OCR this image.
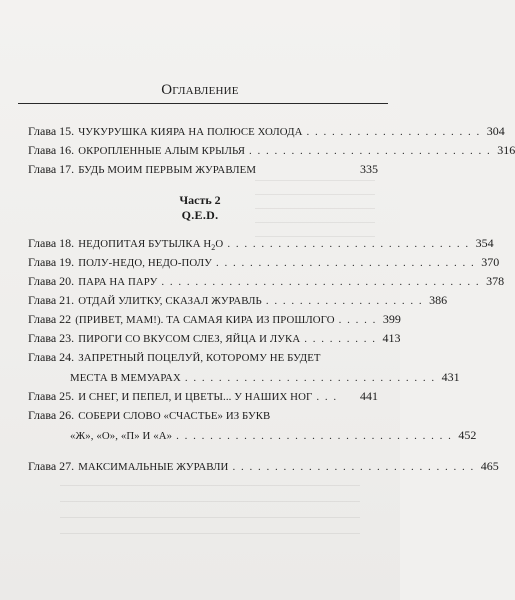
Оглавление
Глава 15. ЧУКУРУШКА КИЯРА НА ПОЛЮСЕ ХОЛОДА . . . . . . . . . . . . . . . . . . . . . 304
Глава 16. ОКРОПЛЕННЫЕ АЛЫМ КРЫЛЬЯ . . . . . . . . . . . . . . . . . . . . . . . . . . . . . 316
Глава 17. БУДЬ МОИМ ПЕРВЫМ ЖУРАВЛЕМ	335
Часть 2
Q.E.D.
Глава 18. НЕДОПИТАЯ БУТЫЛКА $H_2O$ . . . . . . . . . . . . . . . . . . . . . . . . . . . . . 354
Глава 19. ПОЛУ-НЕДО, НЕДО-ПОЛУ . . . . . . . . . . . . . . . . . . . . . . . . . . . . . . . 370
Глава 20. ПАРА НА ПАРУ . . . . . . . . . . . . . . . . . . . . . . . . . . . . . . . . . . . . . . 378
Глава 21. ОТДАЙ УЛИТКУ, СКАЗАЛ ЖУРАВЛЬ . . . . . . . . . . . . . . . . . . . 386
Глава 22 (ПРИВЕТ, МАМ!). ТА САМАЯ КИРА ИЗ ПРОШЛОГО . . . . . 399
Глава 23. ПИРОГИ СО ВКУСОМ СЛЕЗ, ЯЙЦА И ЛУКА . . . . . . . . . 413
Глава 24. ЗАПРЕТНЫЙ ПОЦЕЛУЙ, КОТОРОМУ НЕ БУДЕТ
МЕСТА В МЕМУАРАХ . . . . . . . . . . . . . . . . . . . . . . . . . . . . . . 431
Глава 25. И СНЕГ, И ПЕПЕЛ, И ЦВЕТЫ... У НАШИХ НОГ . . .	441
Глава 26. СОБЕРИ СЛОВО «СЧАСТЬЕ» ИЗ БУКВ
«Ж», «О», «П» И «А» . . . . . . . . . . . . . . . . . . . . . . . . . . . . . . . . . 452
Глава 27. МАКСИМАЛЬНЫЕ ЖУРАВЛИ . . . . . . . . . . . . . . . . . . . . . . . . . . . . . 465
